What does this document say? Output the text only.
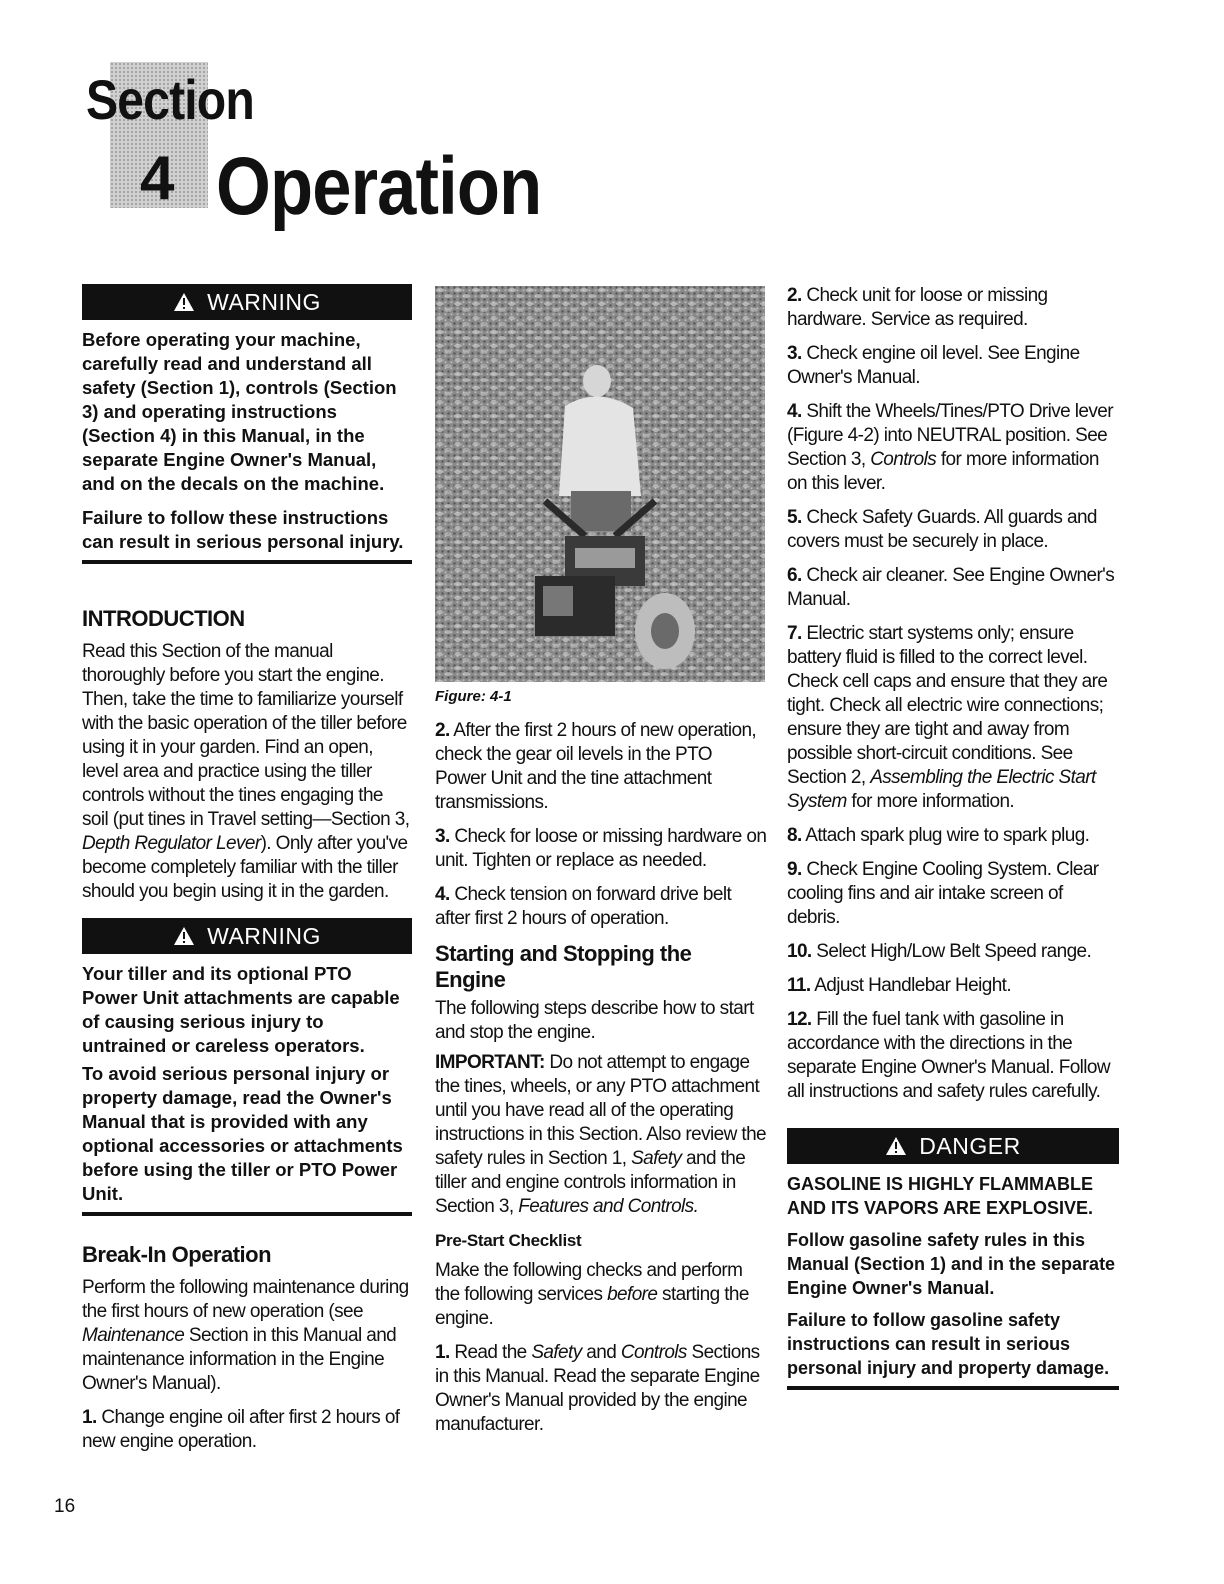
Section
4 Operation
WARNING

Before operating your machine, carefully read and understand all safety (Section 1), controls (Section 3) and operating instructions (Section 4) in this Manual, in the separate Engine Owner's Manual, and on the decals on the machine.

Failure to follow these instructions can result in serious personal injury.

INTRODUCTION

Read this Section of the manual thoroughly before you start the engine. Then, take the time to familiarize yourself with the basic operation of the tiller before using it in your garden. Find an open, level area and practice using the tiller controls without the tines engaging the soil (put tines in Travel setting—Section 3, Depth Regulator Lever). Only after you've become completely familiar with the tiller should you begin using it in the garden.

WARNING

Your tiller and its optional PTO Power Unit attachments are capable of causing serious injury to untrained or careless operators.

To avoid serious personal injury or property damage, read the Owner's Manual that is provided with any optional accessories or attachments before using the tiller or PTO Power Unit.

Break-In Operation

Perform the following maintenance during the first hours of new operation (see Maintenance Section in this Manual and maintenance information in the Engine Owner's Manual).

1. Change engine oil after first 2 hours of new engine operation.

Figure: 4-1

2. After the first 2 hours of new operation, check the gear oil levels in the PTO Power Unit and the tine attachment transmissions.

3. Check for loose or missing hardware on unit. Tighten or replace as needed.

4. Check tension on forward drive belt after first 2 hours of operation.

Starting and Stopping the Engine

The following steps describe how to start and stop the engine.

IMPORTANT: Do not attempt to engage the tines, wheels, or any PTO attachment until you have read all of the operating instructions in this Section. Also review the safety rules in Section 1, Safety and the tiller and engine controls information in Section 3, Features and Controls.

Pre-Start Checklist

Make the following checks and perform the following services before starting the engine.

1. Read the Safety and Controls Sections in this Manual. Read the separate Engine Owner's Manual provided by the engine manufacturer.

2. Check unit for loose or missing hardware. Service as required.

3. Check engine oil level. See Engine Owner's Manual.

4. Shift the Wheels/Tines/PTO Drive lever (Figure 4-2) into NEUTRAL position. See Section 3, Controls for more information on this lever.

5. Check Safety Guards. All guards and covers must be securely in place.

6. Check air cleaner. See Engine Owner's Manual.

7. Electric start systems only; ensure battery fluid is filled to the correct level. Check cell caps and ensure that they are tight. Check all electric wire connections; ensure they are tight and away from possible short-circuit conditions. See Section 2, Assembling the Electric Start System for more information.

8. Attach spark plug wire to spark plug.

9. Check Engine Cooling System. Clear cooling fins and air intake screen of debris.

10. Select High/Low Belt Speed range.

11. Adjust Handlebar Height.

12. Fill the fuel tank with gasoline in accordance with the directions in the separate Engine Owner's Manual. Follow all instructions and safety rules carefully.

DANGER

GASOLINE IS HIGHLY FLAMMABLE AND ITS VAPORS ARE EXPLOSIVE.

Follow gasoline safety rules in this Manual (Section 1) and in the separate Engine Owner's Manual.

Failure to follow gasoline safety instructions can result in serious personal injury and property damage.

16
